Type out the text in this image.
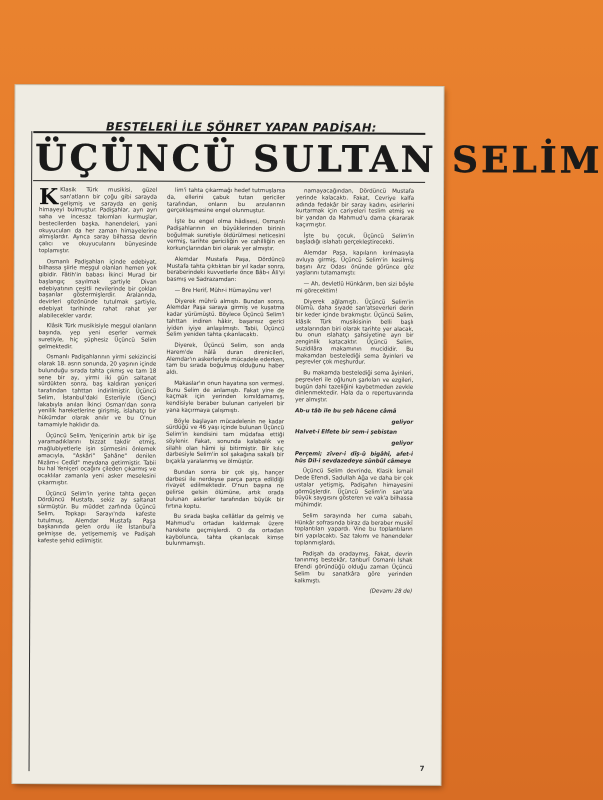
BESTELERİ İLE ŞÖHRET YAPAN PADİŞAH:
ÜÇÜNCÜ SULTAN SELİM

K Klasik Türk musikisi, güzel san'atların bir çoğu gibi sarayda gelişmiş ve sarayda en geniş himayeyi bulmuştur. Padişahlar, ayrı ayrı saha ve incesaz takımları kurmuşlar, bestecilerden başka, hanendeleri, yani okuyucuları da her zaman himayelerine almışlardır. Ayrıca saray bilhassa devrin çalıcı ve okuyucularını bünyesinde toplamıştır.

Osmanlı Padişahları içinde edebiyat, bilhassa şiirle meşgul olanları hemen yok gibidir. Fâtih'in babası İkinci Murad bir başlangıç sayılmak şartiyle Divan edebiyatının çeşitli nevilerinde bir çokları başarılar göstermişlerdir. Aralarında, devirleri gözönünde tutulmak şartiyle, edebiyat tarihinde rahat rahat yer alabilecekler vardır.

Klâsik Türk musikisiyle meşgul olanların başında, yep yeni eserler vermek suretiyle, hiç şüphesiz Üçüncü Selim gelmektedir.

Osmanlı Padişahlarının yirmi sekizincisi olarak 18. asrın sonunda, 20 yaşının içinde bulunduğu sırada tahta çıkmış ve tam 18 sene bir ay, yirmi iki gün saltanat sürdükten sonra, baş kaldıran yeniçeri tarafından tahttan indirilmiştir. Üçüncü Selim, İstanbul'daki Esterliyle (Genç) lakabıyla anılan İkinci Osman'dan sonra yenilik hareketlerine girişmiş, islahatçı bir hükümdar olarak anılır ve bu O'nun tamamiyle haklıdır da.

Üçüncü Selim, Yeniçerinin artık bir işe yaramadıklarını bizzat takdir etmiş, mağlubiyetlerle işin sürmesini önlemek amacıyla, "Askâri" Şahâne" denilen Nizâm-ı Cedîd" meydana getirmiştir. Tabii bu hal Yeniçeri ocağını çileden çıkarmış ve ocaklılar zamanla yeni asker meselesini çıkarmıştır.

Üçüncü Selim'in yerine tahta geçen Dördüncü Mustafa, sekiz ay saltanat sürmüştür. Bu müddet zarfında Üçüncü Selim, Topkapı Sarayı'nda kafeste tutulmuş, Alemdar Mustafa Paşa başkanında gelen ordu ile İstanbul'a gelmişse de, yetişememiş ve Padişah kafeste şehid edilmiştir.

lim'i tahta çıkarmağı hedef tutmuşlarsa da, ellerini çabuk tutan gericiler tarafından, onların bu arzularının gerçekleşmesine engel olunmuştur.

İşte bu engel olma hâdisesi, Osmanlı Padişahlarının en büyüklerinden birinin boğulmak suretiyle öldürülmesi neticesini vermiş, tarihte gericiliğin ve cahilliğin en korkunçlarından biri olarak yer almıştır.

Alemdar Mustafa Paşa, Dördüncü Mustafa tahta çıktıktan bir yıl kadar sonra, beraberindeki kuvvetlerle önce Bâb-ı Âli'yi basmış ve Sadrazamdan:

— Bre Herif, Mühr-i Hümayûnu ver!

Diyerek mührü almıştı. Bundan sonra, Alemdar Paşa saraya girmiş ve kuşatma kadar yürümüştü. Böylece Üçüncü Selim'i tahttan indiren hâkir, başarısız gerici iyiden iyiye anlaşılmıştı. Tabii, Üçüncü Selim yeniden tahta çıkarılacaktı.

Diyerek, Üçüncü Selim, son anda Harem'de hâlâ duran direnicileri, Alemdar'ın askerleriyle mücadele ederken, tam bu sırada boğulmuş olduğunu haber aldı.

Makaslar'ın onun hayatına son vermesi. Bunu Selim de anlamıştı. Fakat yine de kaçmak için yerinden kımıldamamış, kendisiyle beraber bulunan cariyeleri bir yana kaçırmaya çalışmıştı.

Böyle başlayan mücadelenin ne kadar sürdüğü ve 46 yaşı içinde bulunan Üçüncü Selim'in kendisini tam müdafaa ettiği söylenir. Fakat, sonunda kalabalık ve silahlı olan hâmi işi bitirmiştir. Bir kılıç darbesiyle Selim'in sol şakağına sakallı bir bıçakla yaralanmış ve ölmüştür.

Bundan sonra bir çok şiş, hançer darbesi ile nerdeyse parça parça edildiği rivayet edilmektedir. O'nun başına ne gelirse gelsin ölümüne, artık orada bulunan askerler tarafından büyük bir fırtına koptu.

Bu sırada başka cellâtlar da gelmiş ve Mahmud'u ortadan kaldırmak üzere harekete geçmişlerdi. O da ortadan kaybolunca, tahta çıkarılacak kimse bulunmamıştı.

namayacağından, Dördüncü Mustafa yerinde kalacaktı. Fakat, Cevriye kalfa adında fedakâr bir saray kadını, esirlerini kurtarmak için cariyeleri teslim etmiş ve bir yandan da Mahmud'u dama çıkararak kaçırmıştır.

İşte bu çocuk, Üçüncü Selim'in başladığı ıslahatı gerçekleştirecekti.

Alemdar Paşa, kapıların kırılmasıyla avluya girmiş, Üçüncü Selim'in kesilmiş başını Arz Odası önünde görünce göz yaşlarını tutamamıştı:

— Ah, devletlû Hünkârım, ben sizi böyle mi görecektim!

Diyerek ağlamıştı. Üçüncü Selim'in ölümü, daha sıyade san'atseverleri derin bir keder içinde bırakmıştır. Üçüncü Selim, klâsik Türk musikisinin belli başlı ustalarından biri olarak tarihte yer alacak, bu onun ıslahatçı şahsiyetine ayrı bir zenginlik katacaktır. Üçüncü Selim, Suzidilâra makamının mucididir. Bu makamdan bestelediği sema âyinleri ve peşrevler çok meşhurdur.

Bu makamda bestelediği sema âyinleri, peşrevleri ile oğlunun şarkıları ve ezgileri, bugün dahi tazeliğini kaybetmeden zevkle dinlenmektedir. Hala da o repertuvarında yer almıştır.

Ab-u tâb ile bu şeb hâcene câmâ

geliyor

Halvet-i Elfete bir sem-i şebistan

geliyor

Perçemi; zîver-i dîş-û bigâhî, afet-i hüs Dil-i sevdazedeye sünbûl câmeye

Üçüncü Selim devrinde, Klasik İsmail Dede Efendi, Sadullah Ağa ve daha bir çok ustalar yetişmiş, Padişahın himayesini görmüşlerdir. Üçüncü Selim'in san'ata büyük saygısını gösteren ve vak'a bilhassa mühimdir.

Selim sarayında her cuma sabahı, Hünkâr sofrasında biraz da beraber musikî toplantıları yapardı. Vine bu toplantıların biri yapılacaktı. Saz takımı ve hanendeler toplanmışlardı.

Padişah da oradaymış. Fakat, devrin tanınmış bestekâr, tanburî Osmanlı İshak Efendi göründüğü olduğu zaman Üçüncü Selim bu sanatkâra göre yerinden kalkmıştı.

(Devamı 28 de)

7
